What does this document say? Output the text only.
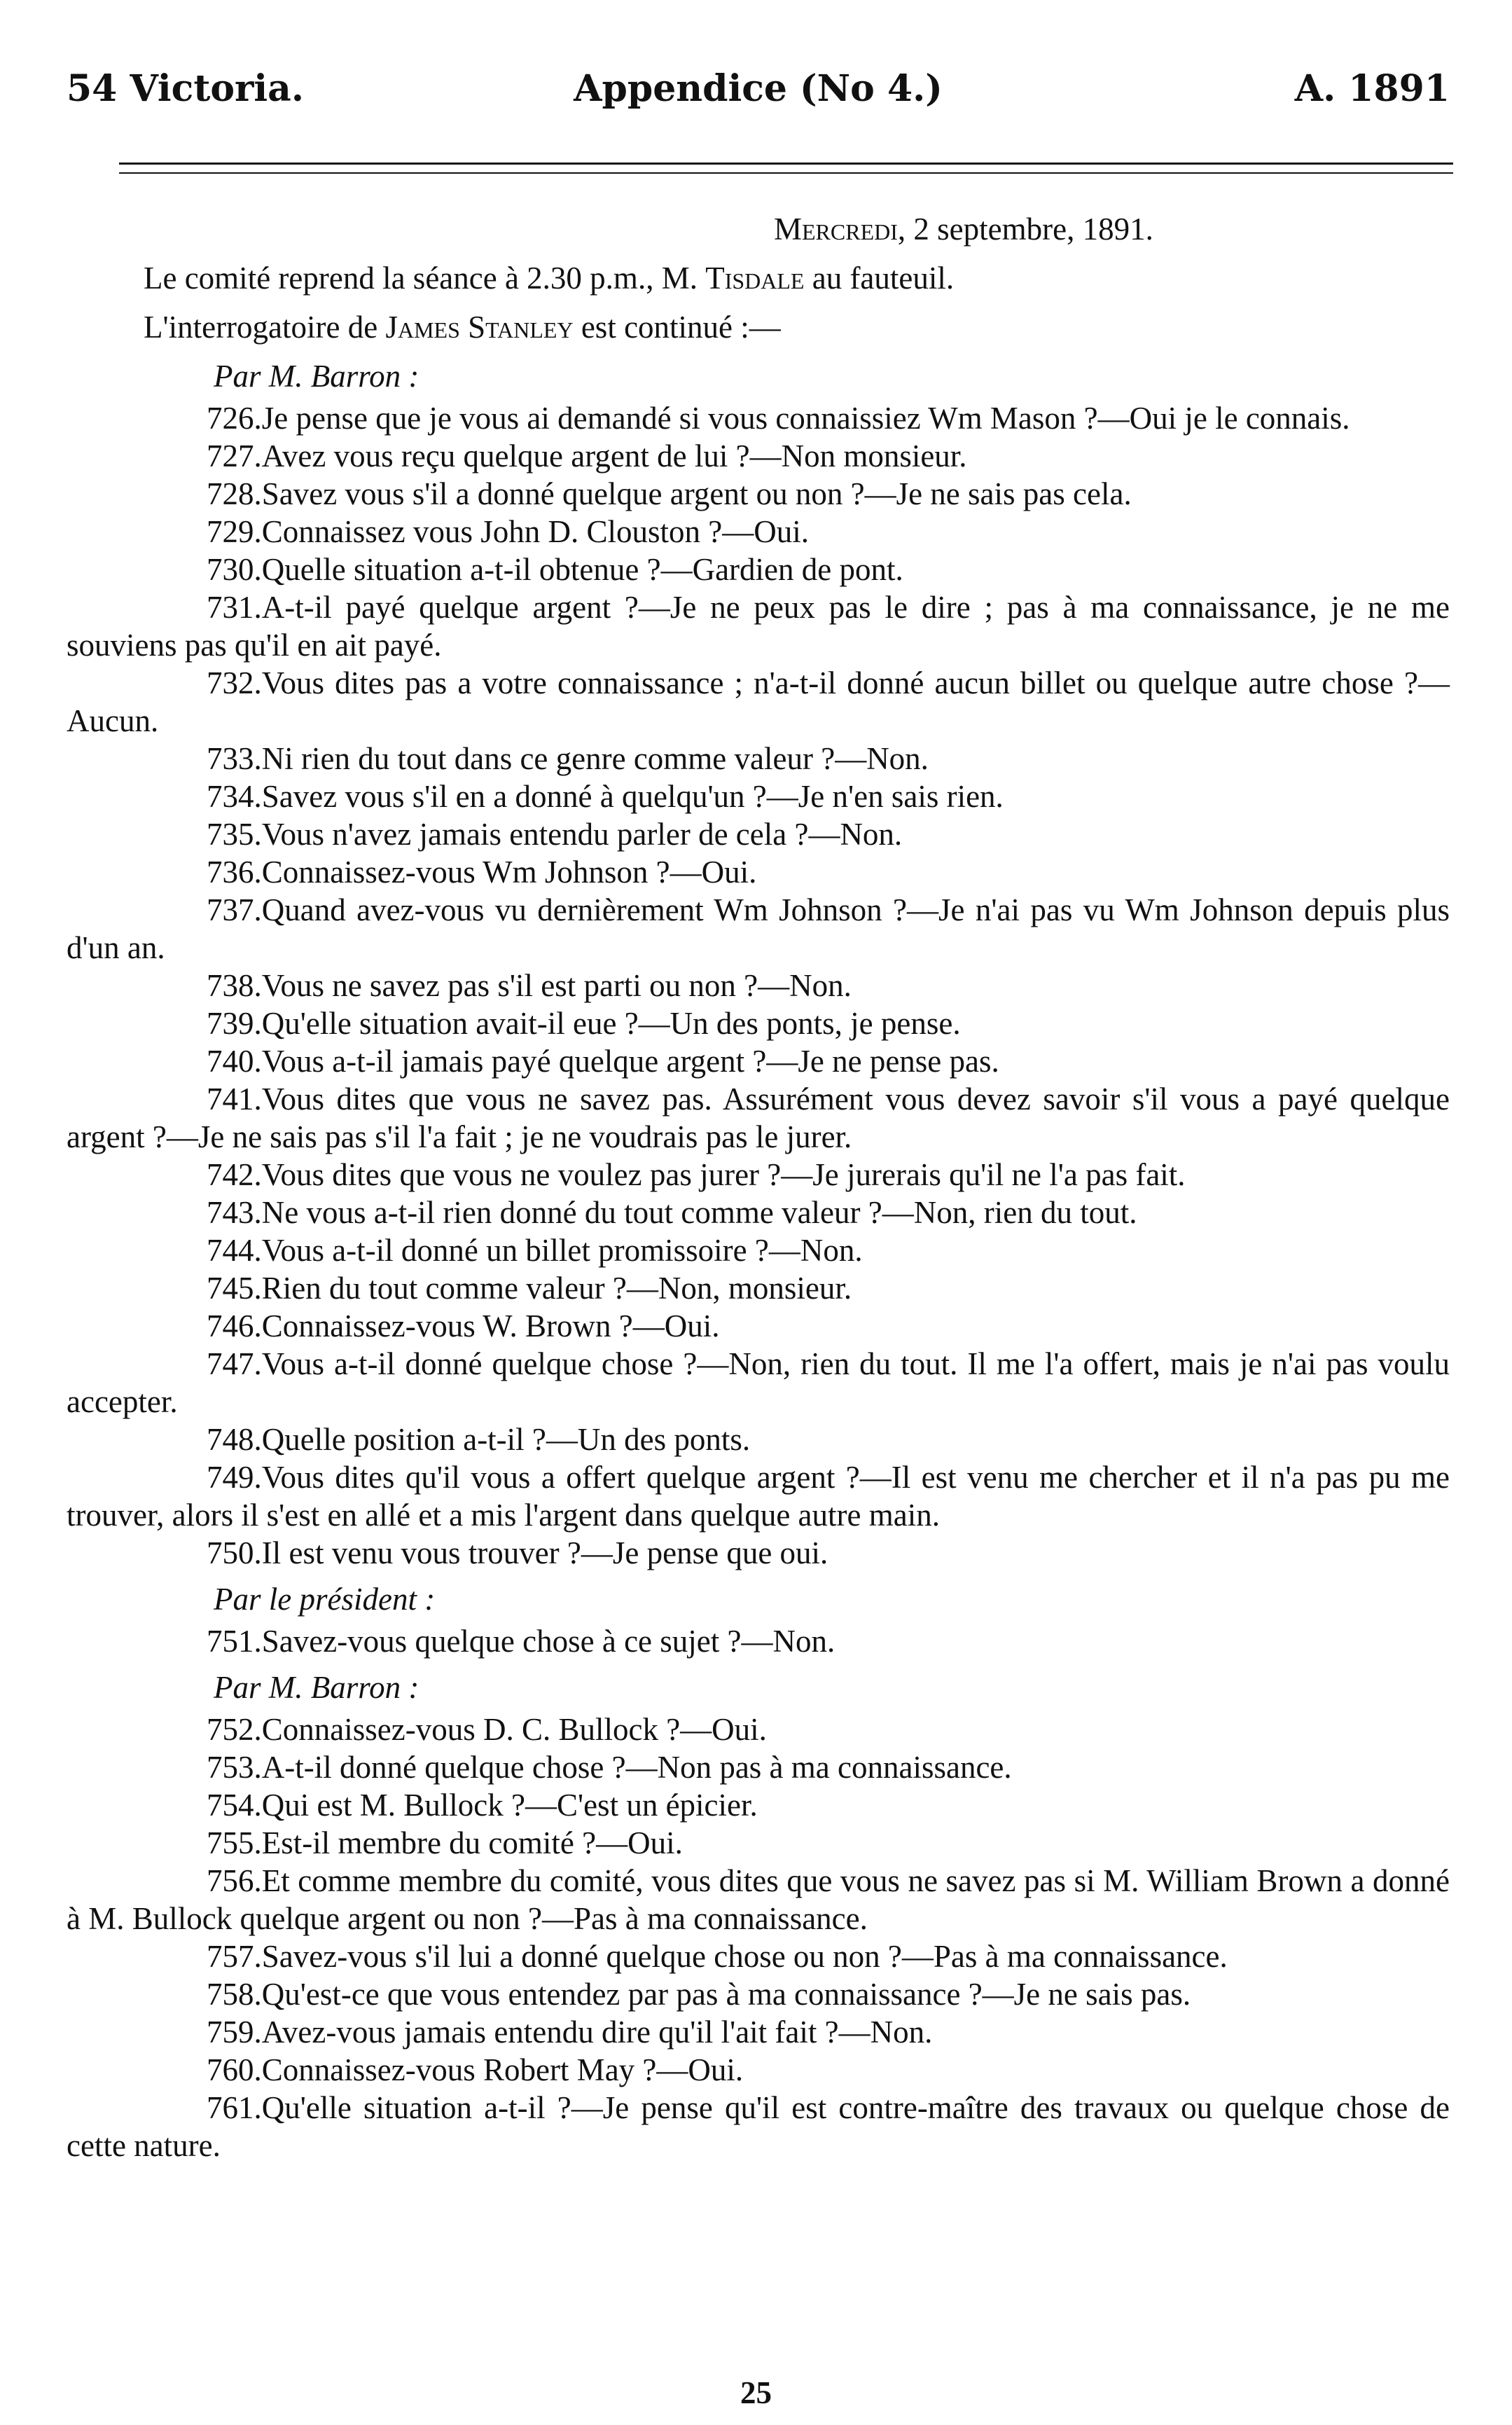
54 Victoria.	Appendice (No 4.)	A. 1891

Mercredi, 2 septembre, 1891.

Le comité reprend la séance à 2.30 p.m., M. Tisdale au fauteuil.

L'interrogatoire de James Stanley est continué :—

Par M. Barron :

726.Je pense que je vous ai demandé si vous connaissiez Wm Mason ?—Oui je le connais.

727.Avez vous reçu quelque argent de lui ?—Non monsieur.

728.Savez vous s'il a donné quelque argent ou non ?—Je ne sais pas cela.

729.Connaissez vous John D. Clouston ?—Oui.

730.Quelle situation a-t-il obtenue ?—Gardien de pont.

731.A-t-il payé quelque argent ?—Je ne peux pas le dire ; pas à ma connaissance, je ne me souviens pas qu'il en ait payé.

732.Vous dites pas a votre connaissance ; n'a-t-il donné aucun billet ou quelque autre chose ?—Aucun.

733.Ni rien du tout dans ce genre comme valeur ?—Non.

734.Savez vous s'il en a donné à quelqu'un ?—Je n'en sais rien.

735.Vous n'avez jamais entendu parler de cela ?—Non.

736.Connaissez-vous Wm Johnson ?—Oui.

737.Quand avez-vous vu dernièrement Wm Johnson ?—Je n'ai pas vu Wm Johnson depuis plus d'un an.

738.Vous ne savez pas s'il est parti ou non ?—Non.

739.Qu'elle situation avait-il eue ?—Un des ponts, je pense.

740.Vous a-t-il jamais payé quelque argent ?—Je ne pense pas.

741.Vous dites que vous ne savez pas. Assurément vous devez savoir s'il vous a payé quelque argent ?—Je ne sais pas s'il l'a fait ; je ne voudrais pas le jurer.

742.Vous dites que vous ne voulez pas jurer ?—Je jurerais qu'il ne l'a pas fait.

743.Ne vous a-t-il rien donné du tout comme valeur ?—Non, rien du tout.

744.Vous a-t-il donné un billet promissoire ?—Non.

745.Rien du tout comme valeur ?—Non, monsieur.

746.Connaissez-vous W. Brown ?—Oui.

747.Vous a-t-il donné quelque chose ?—Non, rien du tout. Il me l'a offert, mais je n'ai pas voulu accepter.

748.Quelle position a-t-il ?—Un des ponts.

749.Vous dites qu'il vous a offert quelque argent ?—Il est venu me chercher et il n'a pas pu me trouver, alors il s'est en allé et a mis l'argent dans quelque autre main.

750.Il est venu vous trouver ?—Je pense que oui.

Par le président :

751.Savez-vous quelque chose à ce sujet ?—Non.

Par M. Barron :

752.Connaissez-vous D. C. Bullock ?—Oui.

753.A-t-il donné quelque chose ?—Non pas à ma connaissance.

754.Qui est M. Bullock ?—C'est un épicier.

755.Est-il membre du comité ?—Oui.

756.Et comme membre du comité, vous dites que vous ne savez pas si M. William Brown a donné à M. Bullock quelque argent ou non ?—Pas à ma connaissance.

757.Savez-vous s'il lui a donné quelque chose ou non ?—Pas à ma connaissance.

758.Qu'est-ce que vous entendez par pas à ma connaissance ?—Je ne sais pas.

759.Avez-vous jamais entendu dire qu'il l'ait fait ?—Non.

760.Connaissez-vous Robert May ?—Oui.

761.Qu'elle situation a-t-il ?—Je pense qu'il est contre-maître des travaux ou quelque chose de cette nature.

25
